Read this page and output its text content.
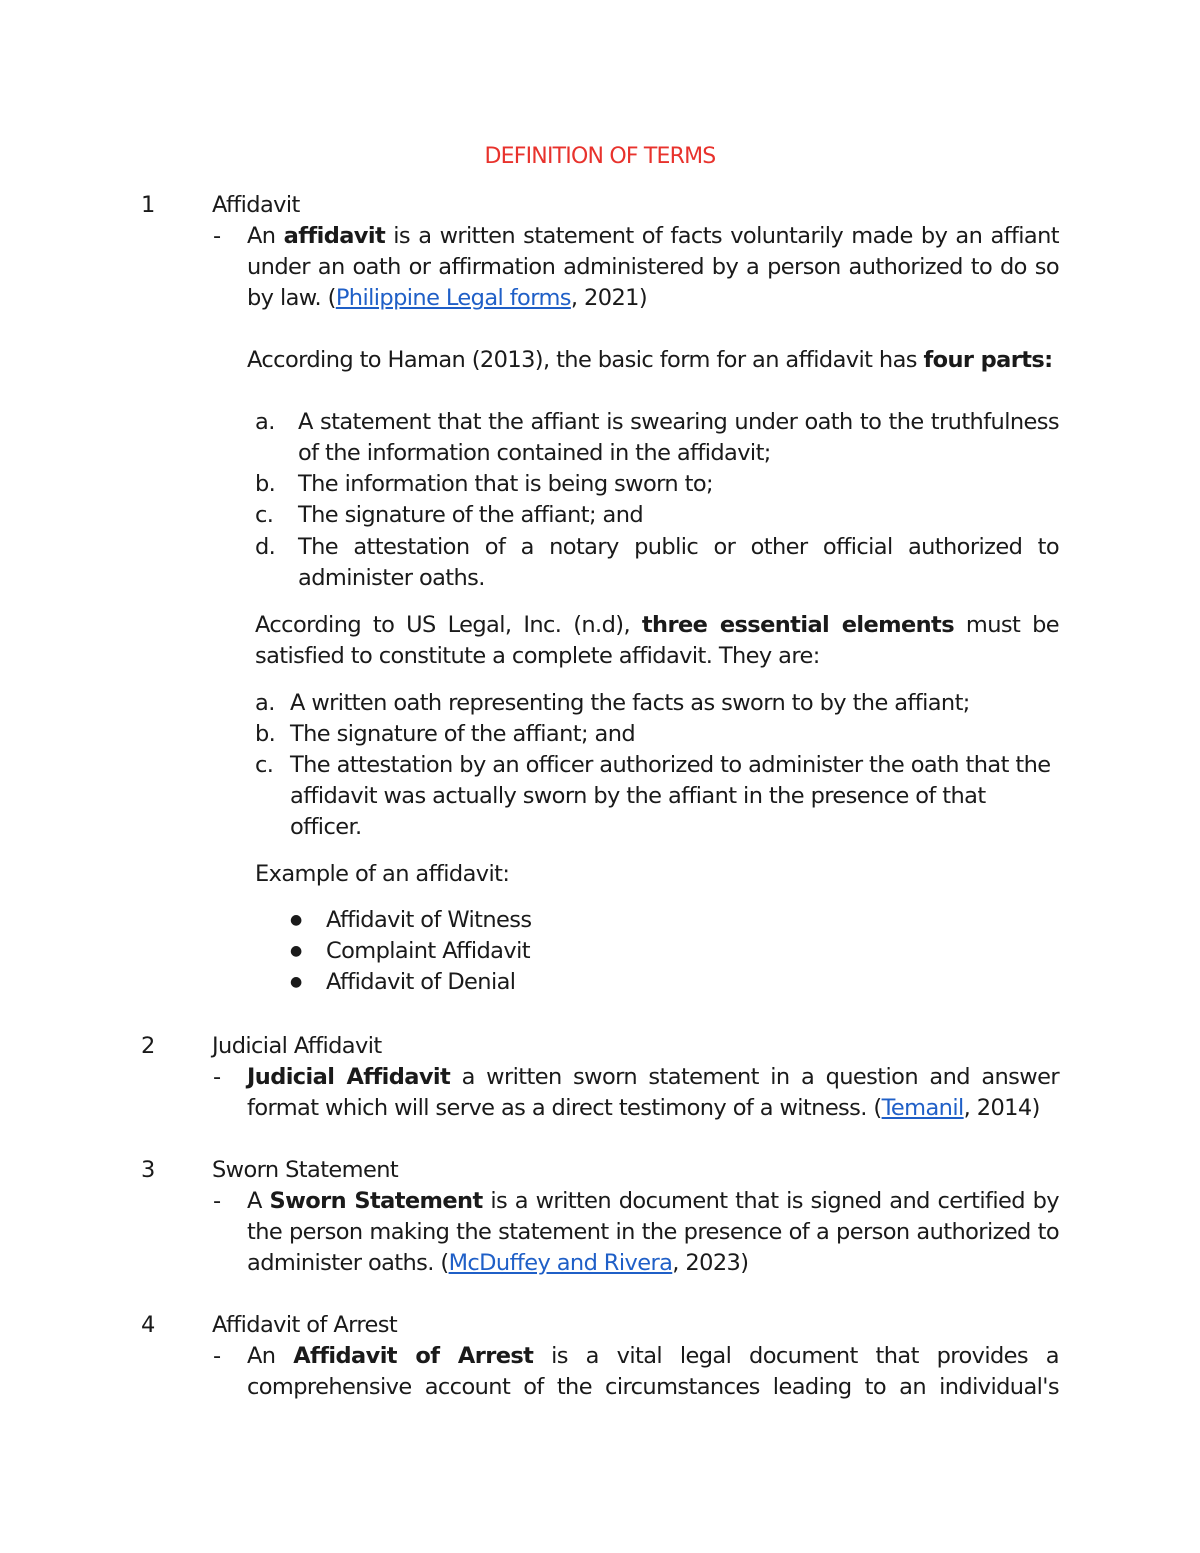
DEFINITION OF TERMS
1	Affidavit
- An affidavit is a written statement of facts voluntarily made by an affiant under an oath or affirmation administered by a person authorized to do so by law. (Philippine Legal forms, 2021)
According to Haman (2013), the basic form for an affidavit has four parts:
a. A statement that the affiant is swearing under oath to the truthfulness of the information contained in the affidavit;
b. The information that is being sworn to;
c. The signature of the affiant; and
d. The attestation of a notary public or other official authorized to administer oaths.
According to US Legal, Inc. (n.d), three essential elements must be satisfied to constitute a complete affidavit. They are:
a. A written oath representing the facts as sworn to by the affiant;
b. The signature of the affiant; and
c. The attestation by an officer authorized to administer the oath that the affidavit was actually sworn by the affiant in the presence of that officer.
Example of an affidavit:
● Affidavit of Witness
● Complaint Affidavit
● Affidavit of Denial
2	Judicial Affidavit
- Judicial Affidavit a written sworn statement in a question and answer format which will serve as a direct testimony of a witness. (Temanil, 2014)
3	Sworn Statement
- A Sworn Statement is a written document that is signed and certified by the person making the statement in the presence of a person authorized to administer oaths. (McDuffey and Rivera, 2023)
4	Affidavit of Arrest
- An Affidavit of Arrest is a vital legal document that provides a comprehensive account of the circumstances leading to an individual's
